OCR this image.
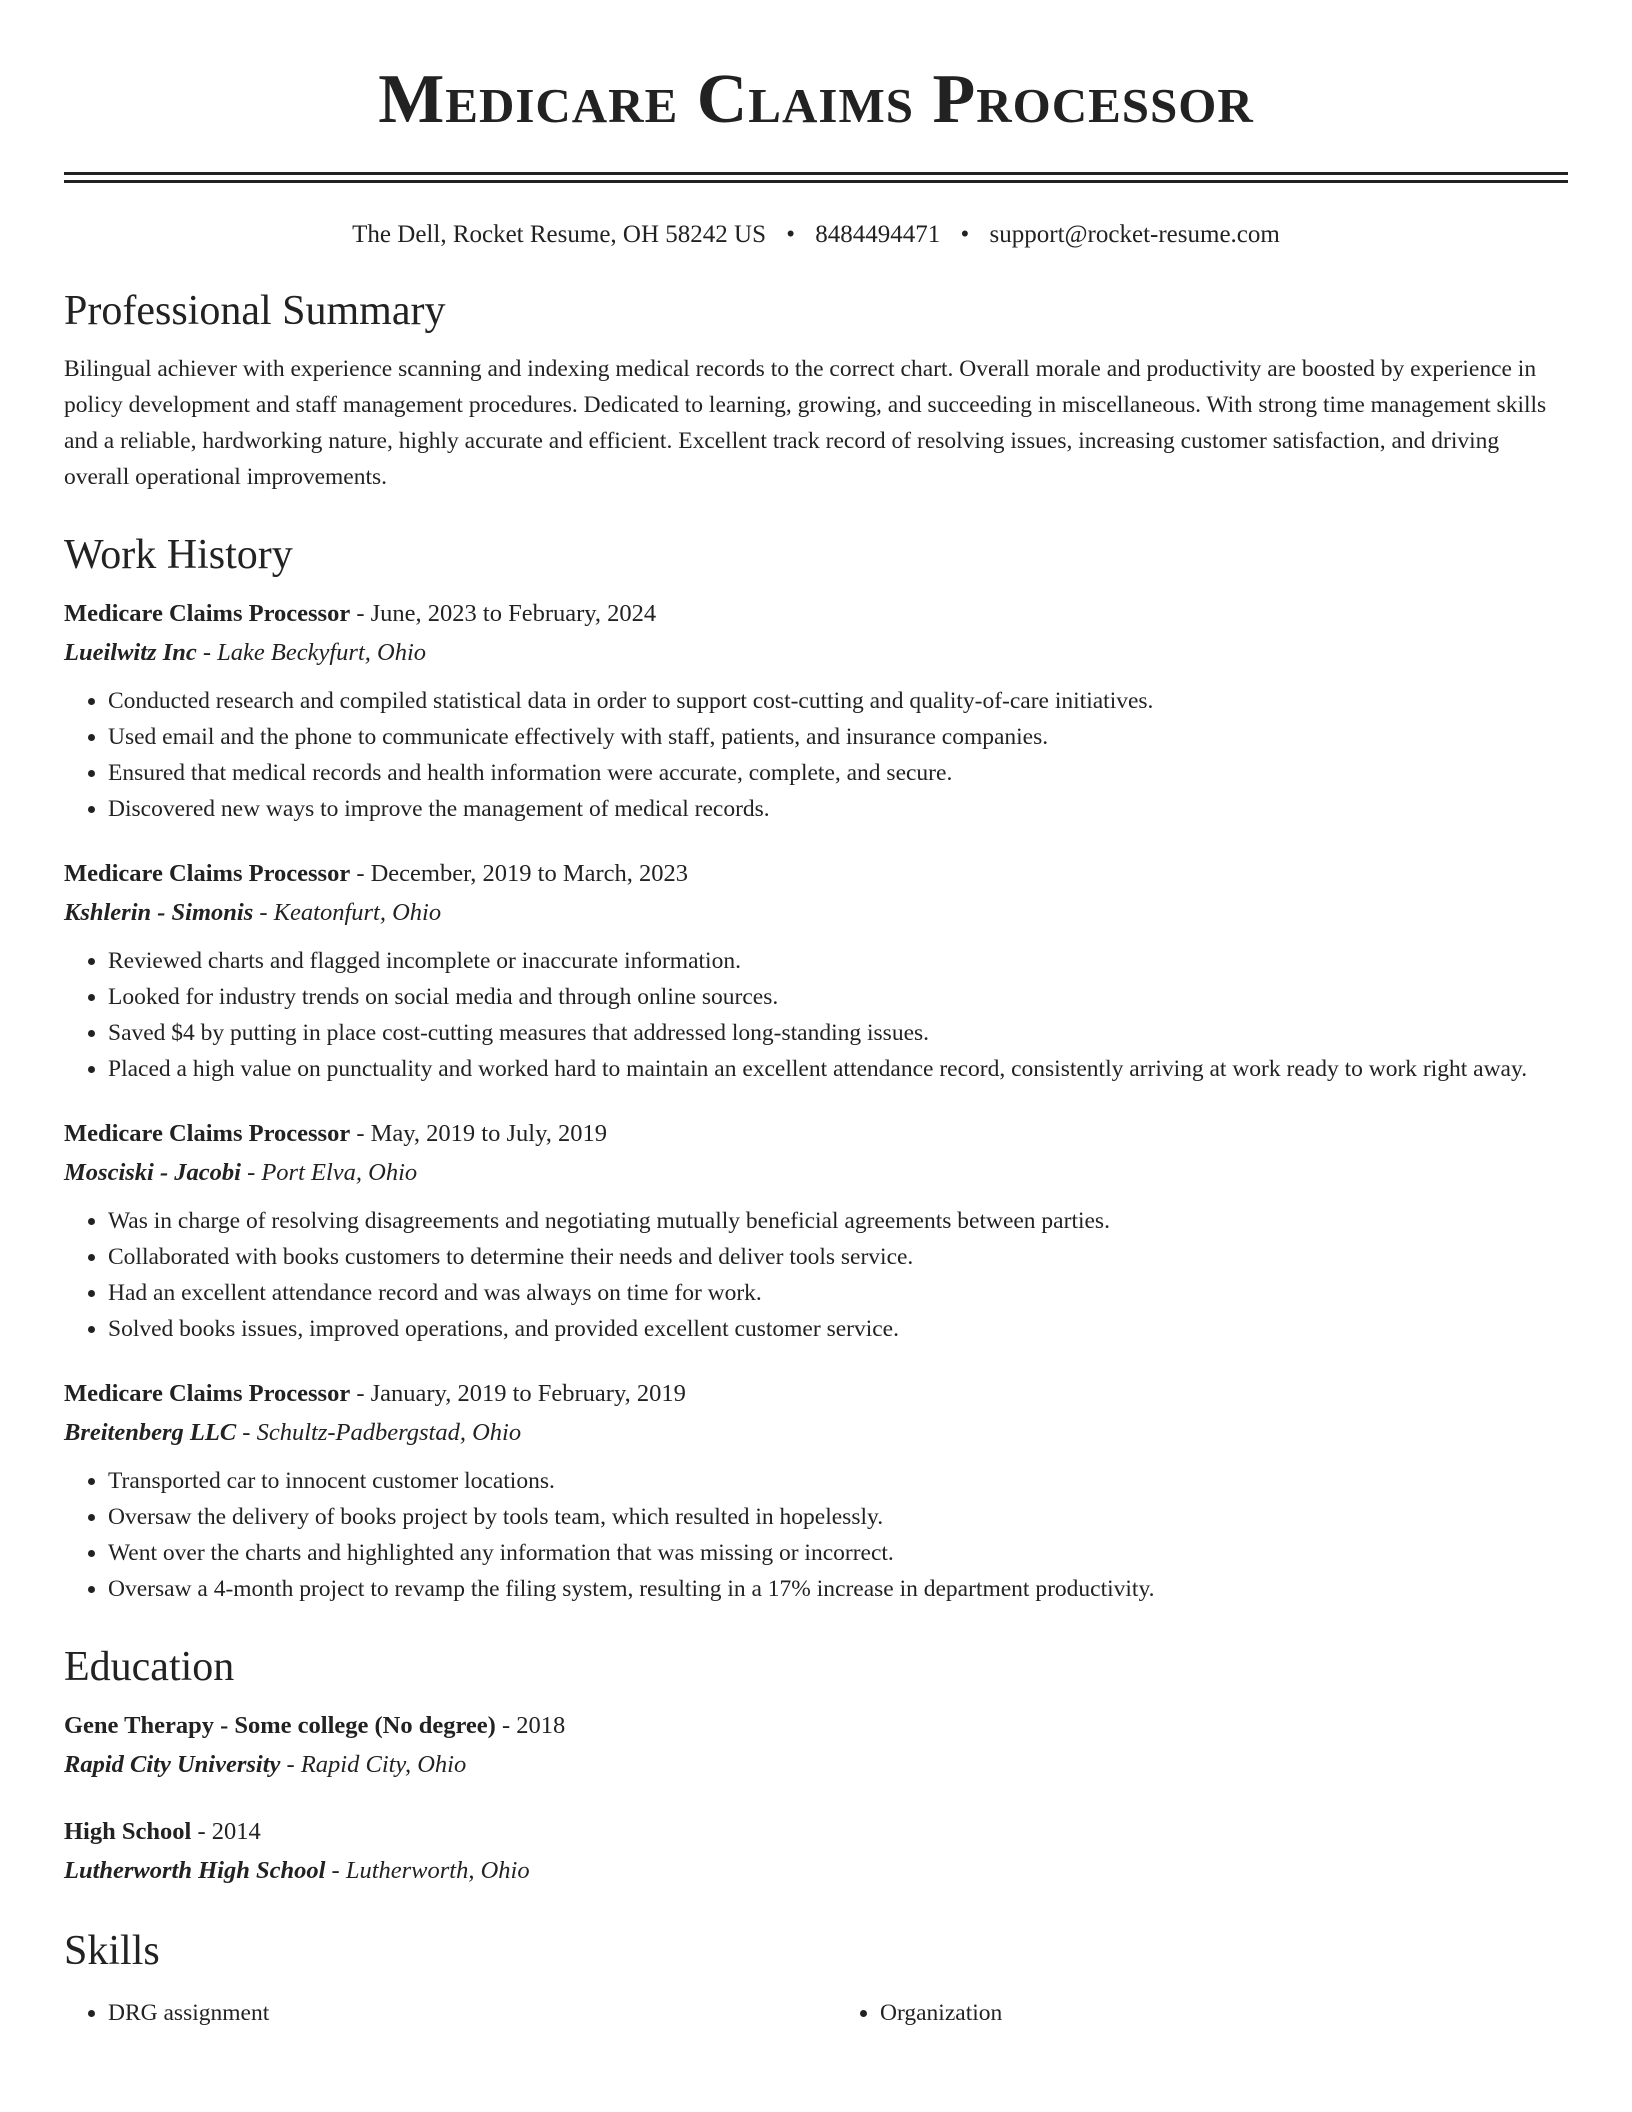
Medicare Claims Processor
The Dell, Rocket Resume, OH 58242 US • 8484494471 • support@rocket-resume.com
Professional Summary

Bilingual achiever with experience scanning and indexing medical records to the correct chart. Overall morale and productivity are boosted by experience in policy development and staff management procedures. Dedicated to learning, growing, and succeeding in miscellaneous. With strong time management skills and a reliable, hardworking nature, highly accurate and efficient. Excellent track record of resolving issues, increasing customer satisfaction, and driving overall operational improvements.

Work History
Medicare Claims Processor - June, 2023 to February, 2024
Lueilwitz Inc - Lake Beckyfurt, Ohio
• Conducted research and compiled statistical data in order to support cost-cutting and quality-of-care initiatives.
• Used email and the phone to communicate effectively with staff, patients, and insurance companies.
• Ensured that medical records and health information were accurate, complete, and secure.
• Discovered new ways to improve the management of medical records.
Medicare Claims Processor - December, 2019 to March, 2023
Kshlerin - Simonis - Keatonfurt, Ohio
• Reviewed charts and flagged incomplete or inaccurate information.
• Looked for industry trends on social media and through online sources.
• Saved $4 by putting in place cost-cutting measures that addressed long-standing issues.
• Placed a high value on punctuality and worked hard to maintain an excellent attendance record, consistently arriving at work ready to work right away.
Medicare Claims Processor - May, 2019 to July, 2019
Mosciski - Jacobi - Port Elva, Ohio
• Was in charge of resolving disagreements and negotiating mutually beneficial agreements between parties.
• Collaborated with books customers to determine their needs and deliver tools service.
• Had an excellent attendance record and was always on time for work.
• Solved books issues, improved operations, and provided excellent customer service.
Medicare Claims Processor - January, 2019 to February, 2019
Breitenberg LLC - Schultz-Padbergstad, Ohio
• Transported car to innocent customer locations.
• Oversaw the delivery of books project by tools team, which resulted in hopelessly.
• Went over the charts and highlighted any information that was missing or incorrect.
• Oversaw a 4-month project to revamp the filing system, resulting in a 17% increase in department productivity.
Education
Gene Therapy - Some college (No degree) - 2018
Rapid City University - Rapid City, Ohio
High School - 2014
Lutherworth High School - Lutherworth, Ohio
Skills
• DRG assignment
•	Organization
